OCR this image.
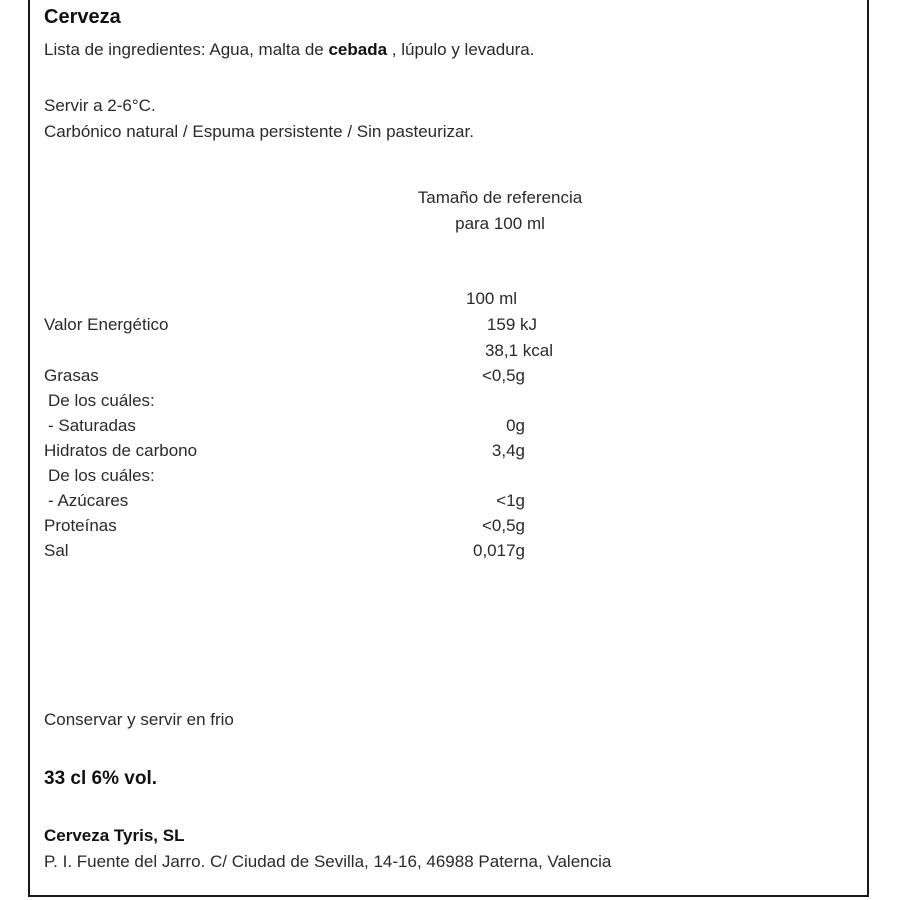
Cerveza
Lista de ingredientes: Agua, malta de cebada , lúpulo y levadura.
Servir a 2-6°C.
Carbónico natural / Espuma persistente / Sin pasteurizar.
Tamaño de referencia
para 100 ml
100 ml
Valor Energético	159 kJ
38,1 kcal
Grasas	<0,5g
De los cuáles:
- Saturadas	0g
Hidratos de carbono	3,4g
De los cuáles:
- Azúcares	<1g
Proteínas	<0,5g
Sal	0,017g
Conservar y servir en frio
33 cl 6% vol.
Cerveza Tyris, SL
P. I. Fuente del Jarro. C/ Ciudad de Sevilla, 14-16, 46988 Paterna, Valencia
